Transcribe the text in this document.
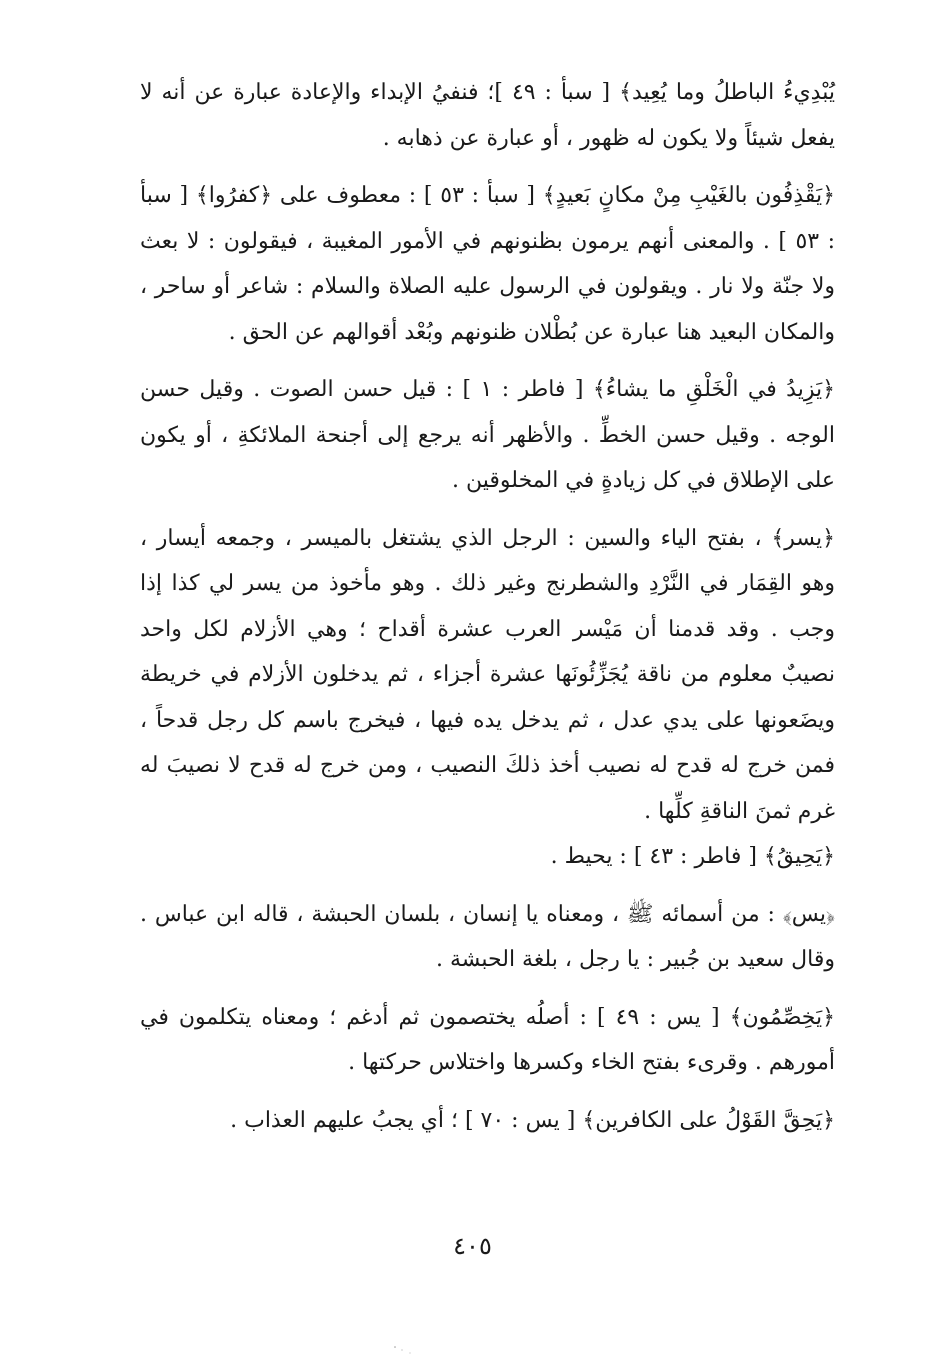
يُبْدِيءُ الباطلُ وما يُعِيد﴾ [ سبأ : ٤٩ ]؛ فنفيُ الإبداء والإعادة عبارة عن أنه لا يفعل شيئاً ولا يكون له ظهور ، أو عبارة عن ذهابه .

﴿يَقْذِفُون بالغَيْبِ مِنْ مكانٍ بَعيدٍ﴾ [ سبأ : ٥٣ ] : معطوف على ﴿كفرُوا﴾ [ سبأ : ٥٣ ] . والمعنى أنهم يرمون بظنونهم في الأمور المغيبة ، فيقولون : لا بعث ولا جنّة ولا نار . ويقولون في الرسول عليه الصلاة والسلام : شاعر أو ساحر ، والمكان البعيد هنا عبارة عن بُطْلان ظنونهم وبُعْد أقوالهم عن الحق .

﴿يَزِيدُ في الْخَلْقِ ما يشاءُ﴾ [ فاطر : ١ ] : قيل حسن الصوت . وقيل حسن الوجه . وقيل حسن الخطِّ . والأظهر أنه يرجع إلى أجنحة الملائكةِ ، أو يكون على الإطلاق في كل زيادةٍ في المخلوقين .

﴿يسر﴾ ، بفتح الياء والسين : الرجل الذي يشتغل بالميسر ، وجمعه أيسار ، وهو القِمَار في النَّرْدِ والشطرنج وغير ذلك . وهو مأخوذ من يسر لي كذا إذا وجب . وقد قدمنا أن مَيْسر العرب عشرة أقداح ؛ وهي الأزلام لكل واحد نصيبٌ معلوم من ناقة يُجَزِّئُونَها عشرة أجزاء ، ثم يدخلون الأزلام في خريطة ويضَعونها على يدي عدل ، ثم يدخل يده فيها ، فيخرج باسم كل رجل قدحاً ، فمن خرج له قدح له نصيب أخذ ذلكَ النصيب ، ومن خرج له قدح لا نصيبَ له غرم ثمنَ الناقةِ كلِّها .

﴿يَحِيقُ﴾ [ فاطر : ٤٣ ] : يحيط .

﴿يس﴾ : من أسمائه ﷺ ، ومعناه يا إنسان ، بلسان الحبشة ، قاله ابن عباس . وقال سعيد بن جُبير : يا رجل ، بلغة الحبشة .

﴿يَخِصِّمُون﴾ [ يس : ٤٩ ] : أصلُه يختصمون ثم أدغم ؛ ومعناه يتكلمون في أمورهم . وقرىء بفتح الخاء وكسرها واختلاس حركتها .

﴿يَحِقَّ القَوْلُ على الكافرين﴾ [ يس : ٧٠ ] ؛ أي يجبُ عليهم العذاب .

٤٠٥
